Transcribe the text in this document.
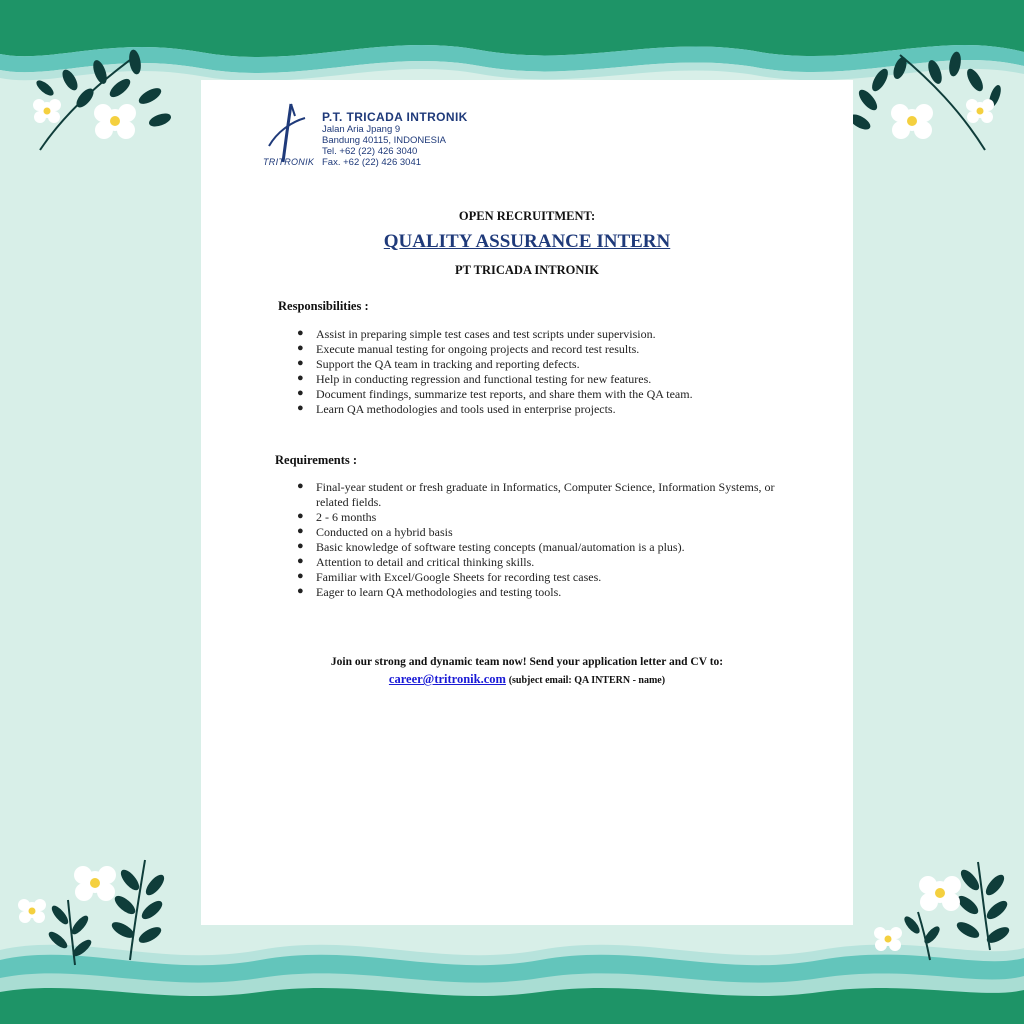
TRITRONIK
P.T. TRICADA INTRONIK
Jalan Aria Jpang 9
Bandung 40115, INDONESIA
Tel. +62 (22) 426 3040
Fax. +62 (22) 426 3041
OPEN RECRUITMENT:
QUALITY ASSURANCE INTERN
PT TRICADA INTRONIK
Responsibilities :
● Assist in preparing simple test cases and test scripts under supervision.
● Execute manual testing for ongoing projects and record test results.
● Support the QA team in tracking and reporting defects.
● Help in conducting regression and functional testing for new features.
● Document findings, summarize test reports, and share them with the QA team.
● Learn QA methodologies and tools used in enterprise projects.
Requirements :
● Final-year student or fresh graduate in Informatics, Computer Science, Information Systems, or related fields.
● 2 - 6 months
● Conducted on a hybrid basis
● Basic knowledge of software testing concepts (manual/automation is a plus).
● Attention to detail and critical thinking skills.
● Familiar with Excel/Google Sheets for recording test cases.
● Eager to learn QA methodologies and testing tools.
Join our strong and dynamic team now! Send your application letter and CV to:
career@tritronik.com (subject email: QA INTERN - name)
